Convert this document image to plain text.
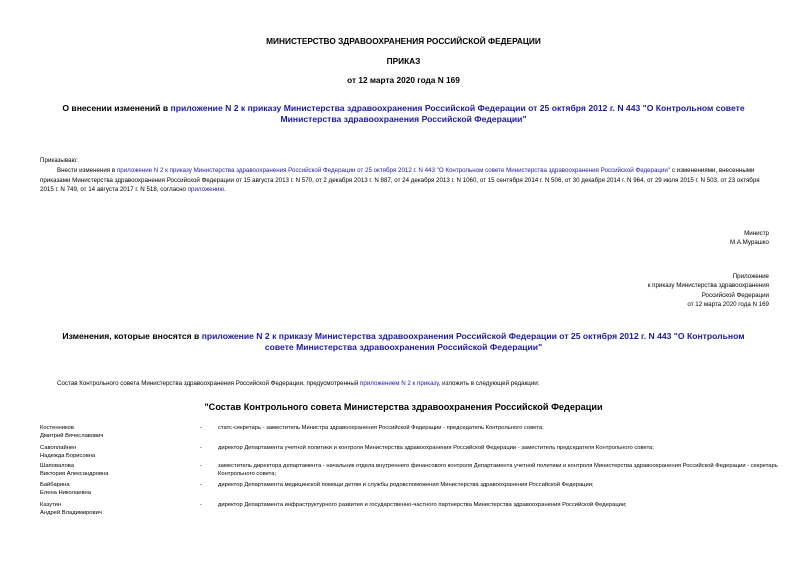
МИНИСТЕРСТВО ЗДРАВООХРАНЕНИЯ РОССИЙСКОЙ ФЕДЕРАЦИИ
ПРИКАЗ
от 12 марта 2020 года N 169
О внесении изменений в приложение N 2 к приказу Министерства здравоохранения Российской Федерации от 25 октября 2012 г. N 443 "О Контрольном совете Министерства здравоохранения Российской Федерации"
Приказываю:
Внести изменения в приложение N 2 к приказу Министерства здравоохранения Российской Федерации от 25 октября 2012 г. N 443 "О Контрольном совете Министерства здравоохранения Российской Федерации" с изменениями, внесенными приказами Министерства здравоохранения Российской Федерации от 15 августа 2013 г. N 570, от 2 декабря 2013 г. N 887, от 24 декабря 2013 г. N 1060, от 15 сентября 2014 г. N 506, от 30 декабря 2014 г. N 964, от 29 июля 2015 г. N 503, от 23 октября 2015 г. N 749, от 14 августа 2017 г. N 518, согласно приложению.
Министр
М.А.Мурашко
Приложение
к приказу Министерства здравоохранения
Российской Федерации
от 12 марта 2020 года N 169
Изменения, которые вносятся в приложение N 2 к приказу Министерства здравоохранения Российской Федерации от 25 октября 2012 г. N 443 "О Контрольном совете Министерства здравоохранения Российской Федерации"
Состав Контрольного совета Министерства здравоохранения Российской Федерации, предусмотренный приложением N 2 к приказу, изложить в следующей редакции:
"Состав Контрольного совета Министерства здравоохранения Российской Федерации
Костенников
Дмитрий Вячеславович
-	статс-секретарь - заместитель Министра здравоохранения Российской Федерации - председатель Контрольного совета;
Савоплайнен
Надежда Борисовна
-	директор Департамента учетной политики и контроля Министерства здравоохранения Российской Федерации - заместитель председателя Контрольного совета;
Шаповалова
Виктория Александровна
-	заместитель директора департамента - начальник отдела внутреннего финансового контроля Департамента учетной политики и контроля Министерства здравоохранения Российской Федерации - секретарь Контрольного совета;
Байбарина
Елена Николаевна
-	директор Департамента медицинской помощи детям и службы родовспоможения Министерства здравоохранения Российской Федерации;
Казутин
Андрей Владимирович
-	директор Департамента инфраструктурного развития и государственно-частного партнерства Министерства здравоохранения Российской Федерации;
